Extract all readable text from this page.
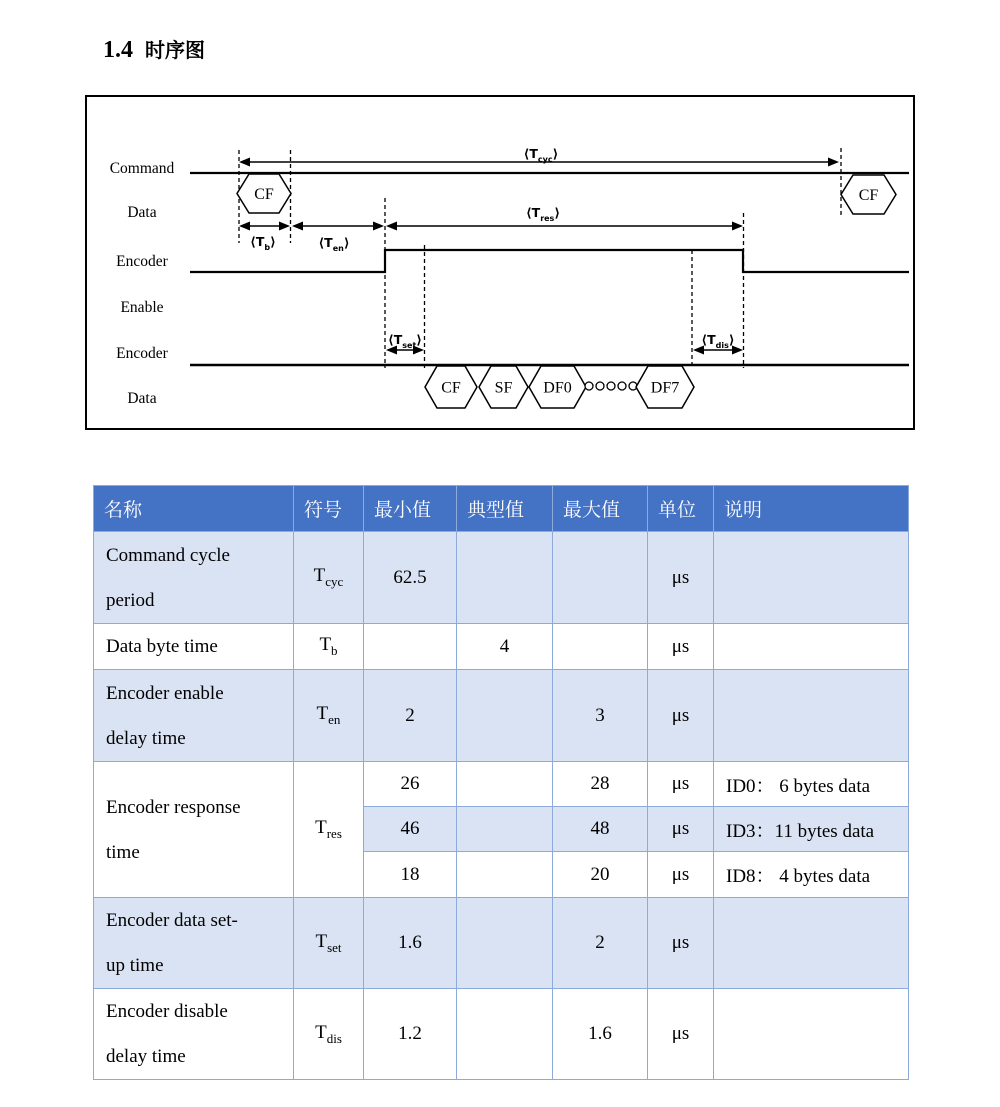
1.4 时序图
Command
Data
Encoder
Enable
Encoder
Data
$⟨T_{cyc}⟩$
$⟨T_{res}⟩$
$⟨T_b⟩$	$⟨T_{en}⟩$
$⟨T_{set}⟩$	$⟨T_{dis}⟩$
CF	CF
CF SF DF0	DF7
名称	符号	最小值	典型值	最大值	单位	说明

Command cycle period	$T_{cyc}$	62.5			μs	

Data byte time	$T_b$		4		μs	

Encoder enable delay time	$T_{en}$	2		3	μs	

Encoder response time	$T_{res}$	26		28	μs	ID0： 6 bytes data
		46		48	μs	ID3：11 bytes data
		18		20	μs	ID8： 4 bytes data

Encoder data set-up time	$T_{set}$	1.6		2	μs	

Encoder disable delay time	$T_{dis}$	1.2		1.6	μs	
